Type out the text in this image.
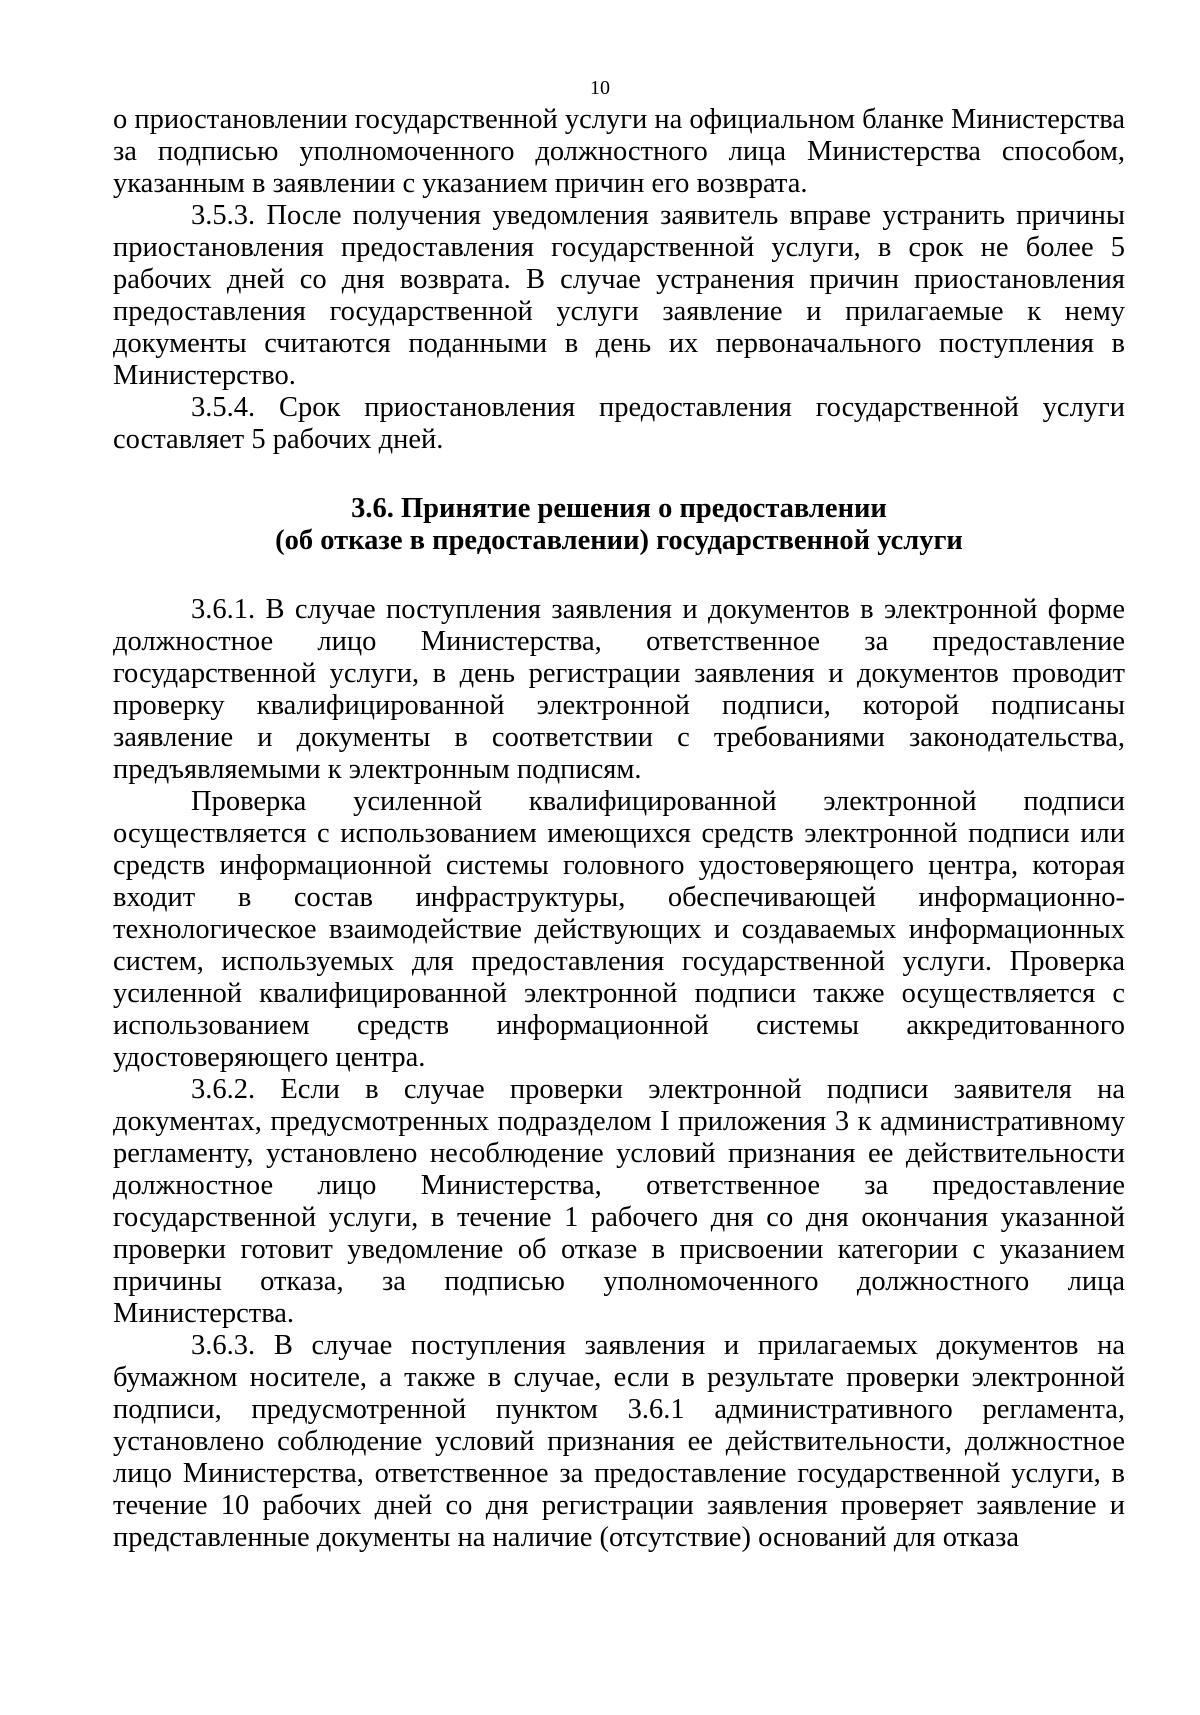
10

о приостановлении государственной услуги на официальном бланке Министерства за подписью уполномоченного должностного лица Министерства способом, указанным в заявлении с указанием причин его возврата.

3.5.3. После получения уведомления заявитель вправе устранить причины приостановления предоставления государственной услуги, в срок не более 5 рабочих дней со дня возврата. В случае устранения причин приостановления предоставления государственной услуги заявление и прилагаемые к нему документы считаются поданными в день их первоначального поступления в Министерство.

3.5.4. Срок приостановления предоставления государственной услуги составляет 5 рабочих дней.

3.6. Принятие решения о предоставлении
(об отказе в предоставлении) государственной услуги

3.6.1. В случае поступления заявления и документов в электронной форме должностное лицо Министерства, ответственное за предоставление государственной услуги, в день регистрации заявления и документов проводит проверку квалифицированной электронной подписи, которой подписаны заявление и документы в соответствии с требованиями законодательства, предъявляемыми к электронным подписям.

Проверка усиленной квалифицированной электронной подписи осуществляется с использованием имеющихся средств электронной подписи или средств информационной системы головного удостоверяющего центра, которая входит в состав инфраструктуры, обеспечивающей информационно-технологическое взаимодействие действующих и создаваемых информационных систем, используемых для предоставления государственной услуги. Проверка усиленной квалифицированной электронной подписи также осуществляется с использованием средств информационной системы аккредитованного удостоверяющего центра.

3.6.2. Если в случае проверки электронной подписи заявителя на документах, предусмотренных подразделом I приложения 3 к административному регламенту, установлено несоблюдение условий признания ее действительности должностное лицо Министерства, ответственное за предоставление государственной услуги, в течение 1 рабочего дня со дня окончания указанной проверки готовит уведомление об отказе в присвоении категории с указанием причины отказа, за подписью уполномоченного должностного лица Министерства.

3.6.3. В случае поступления заявления и прилагаемых документов на бумажном носителе, а также в случае, если в результате проверки электронной подписи, предусмотренной пунктом 3.6.1 административного регламента, установлено соблюдение условий признания ее действительности, должностное лицо Министерства, ответственное за предоставление государственной услуги, в течение 10 рабочих дней со дня регистрации заявления проверяет заявление и представленные документы на наличие (отсутствие) оснований для отказа
